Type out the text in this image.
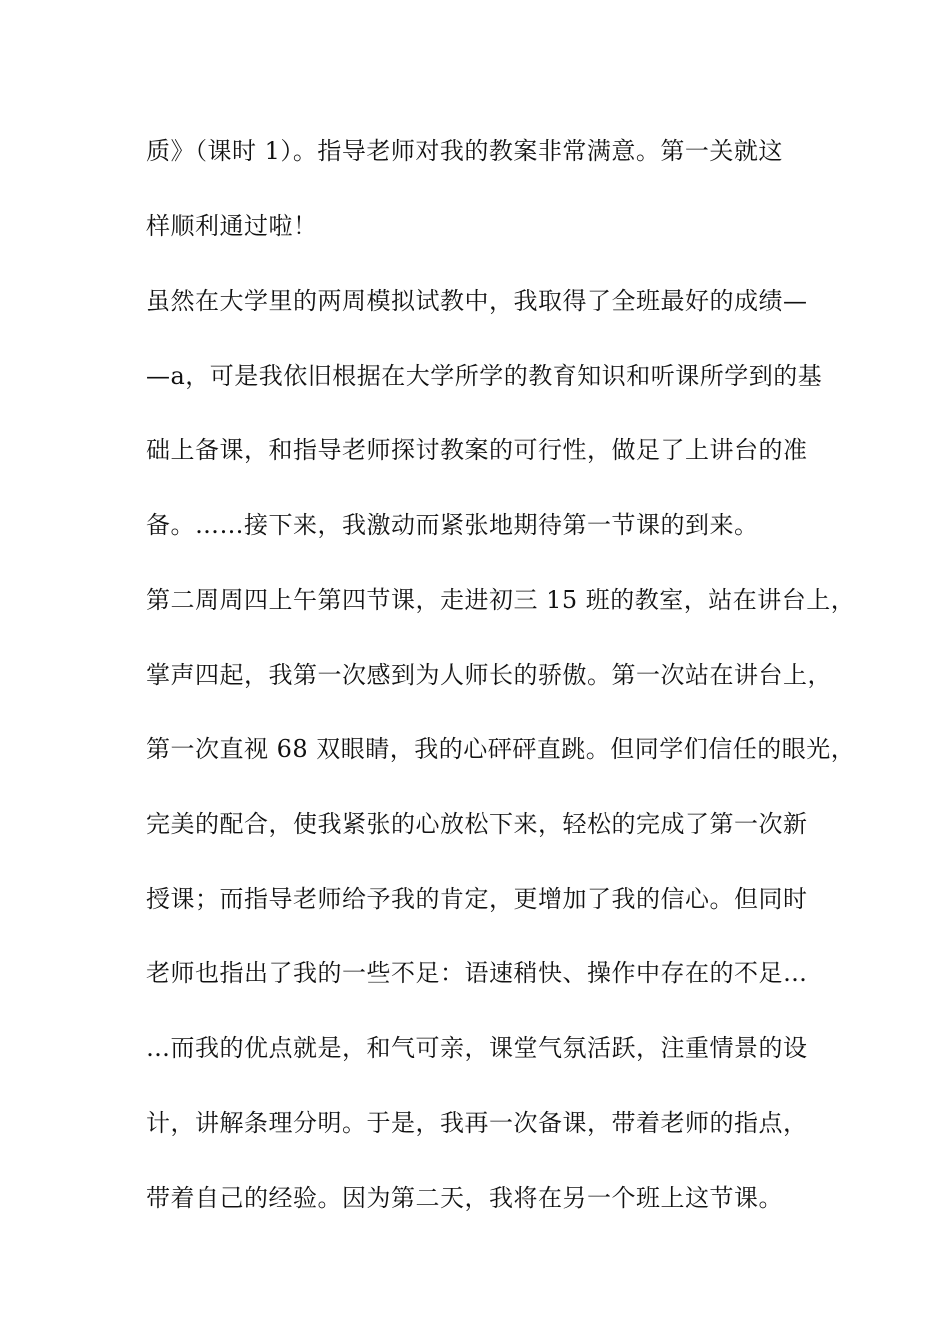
质》（课时 1）。指导老师对我的教案非常满意。第一关就这
样顺利通过啦！
虽然在大学里的两周模拟试教中，我取得了全班最好的成绩—
—a，可是我依旧根据在大学所学的教育知识和听课所学到的基
础上备课，和指导老师探讨教案的可行性，做足了上讲台的准
备。……接下来，我激动而紧张地期待第一节课的到来。
第二周周四上午第四节课，走进初三 15 班的教室，站在讲台上，
掌声四起，我第一次感到为人师长的骄傲。第一次站在讲台上，
第一次直视 68 双眼睛，我的心砰砰直跳。但同学们信任的眼光，
完美的配合，使我紧张的心放松下来，轻松的完成了第一次新
授课；而指导老师给予我的肯定，更增加了我的信心。但同时
老师也指出了我的一些不足：语速稍快、操作中存在的不足…
…而我的优点就是，和气可亲，课堂气氛活跃，注重情景的设
计，讲解条理分明。于是，我再一次备课，带着老师的指点，
带着自己的经验。因为第二天，我将在另一个班上这节课。
